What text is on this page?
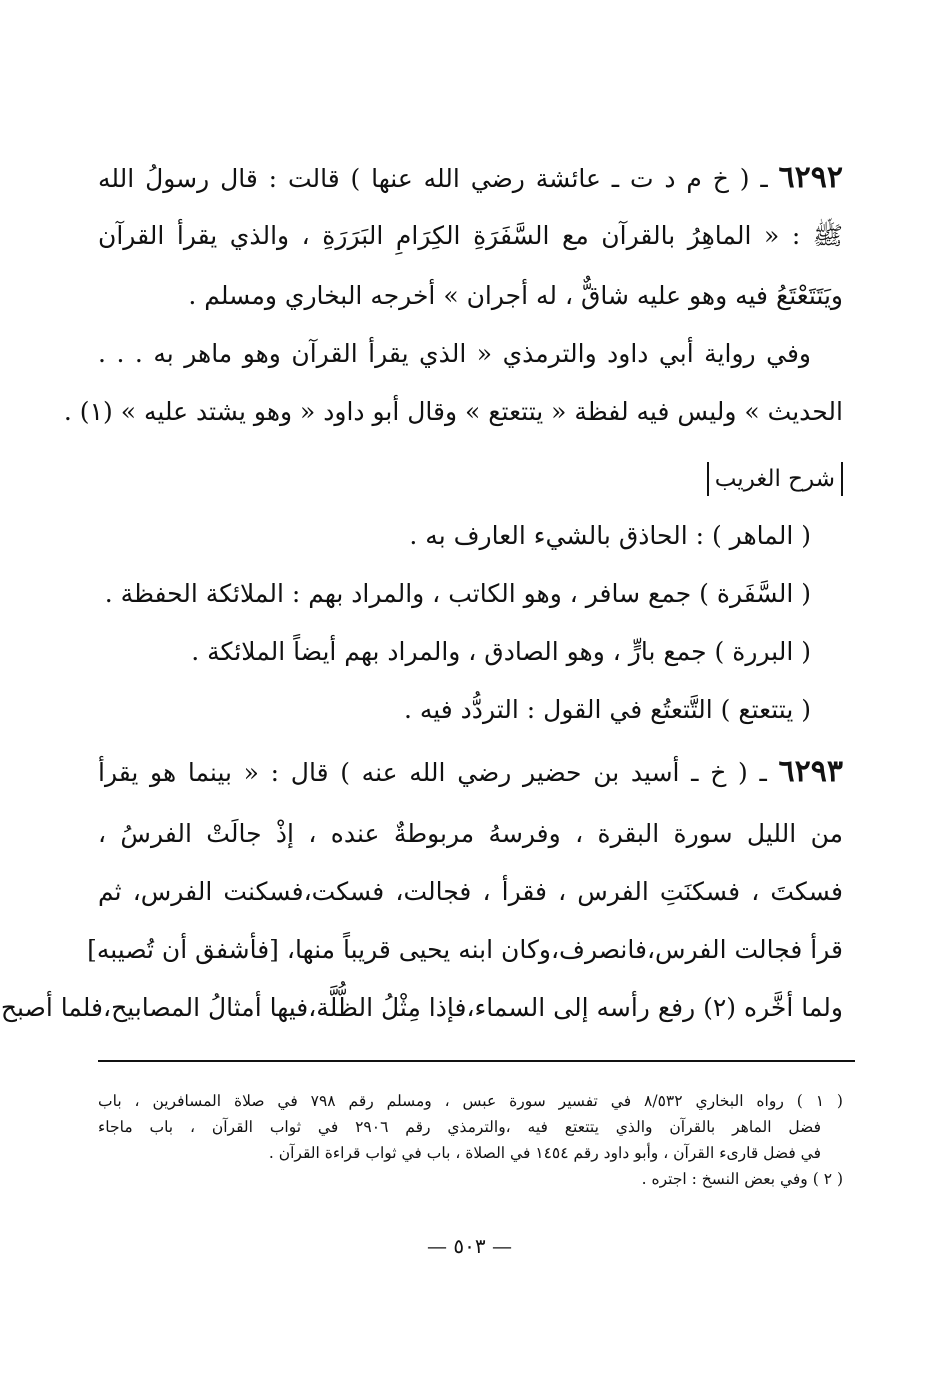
٦٢٩٢ ـ ( خ م د ت ـ عائشة رضي الله عنها ) قالت : قال رسولُ الله
ﷺ : « الماهِرُ بالقرآن مع السَّفَرَةِ الكِرَامِ البَرَرَةِ ، والذي يقرأ القرآن
ويَتَتَعْتَعُ فيه وهو عليه شاقٌّ ، له أجران » أخرجه البخاري ومسلم .
وفي رواية أبي داود والترمذي « الذي يقرأ القرآن وهو ماهر به . . .
الحديث » وليس فيه لفظة « يتتعتع » وقال أبو داود « وهو يشتد عليه » (١) .
شرح الغريب
( الماهر ) : الحاذق بالشيء العارف به .
( السَّفَرة ) جمع سافر ، وهو الكاتب ، والمراد بهم : الملائكة الحفظة .
( البررة ) جمع بارٍّ ، وهو الصادق ، والمراد بهم أيضاً الملائكة .
( يتتعتع ) التَّتعتُع في القول : التردُّد فيه .
٦٢٩٣ ـ ( خ ـ أسيد بن حضير رضي الله عنه ) قال : « بينما هو يقرأ
من الليل سورة البقرة ، وفرسهُ مربوطةٌ عنده ، إذْ جالَتْ الفرسُ ،
فسكتَ ، فسكنَتِ الفرس ، فقرأ ، فجالت، فسكت،فسكنت الفرس، ثم
قرأ فجالت الفرس،فانصرف،وكان ابنه يحيى قريباً منها، [فأشفق أن تُصيبه]
ولما أخَّره (٢) رفع رأسه إلى السماء،فإذا مِثْلُ الظُّلَّة،فيها أمثالُ المصابيح،فلما أصبح
( ١ ) رواه البخاري ٨/٥٣٢ في تفسير سورة عبس ، ومسلم رقم ٧٩٨ في صلاة المسافرين ، باب
فضل الماهر بالقرآن والذي يتتعتع فيه ،والترمذي رقم ٢٩٠٦ في ثواب القرآن ، باب ماجاء
في فضل قارىء القرآن ، وأبو داود رقم ١٤٥٤ في الصلاة ، باب في ثواب قراءة القرآن .
( ٢ ) وفي بعض النسخ : اجتره .
— ٥٠٣ —
